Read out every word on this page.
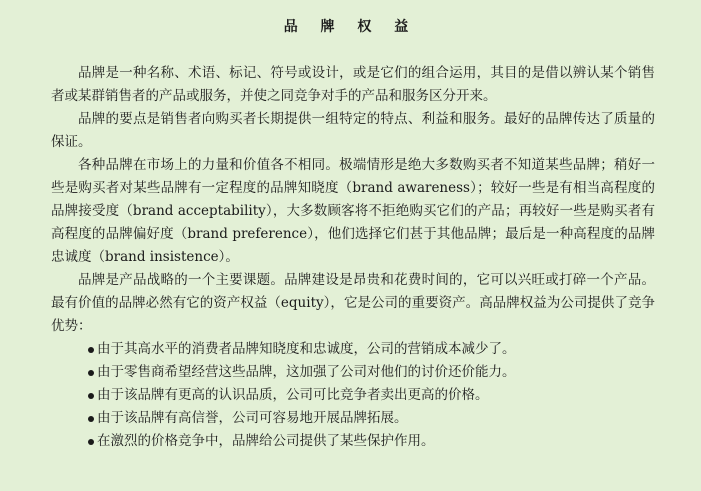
品 牌 权 益

品牌是一种名称、术语、标记、符号或设计，或是它们的组合运用，其目的是借以辨认某个销售者或某群销售者的产品或服务，并使之同竞争对手的产品和服务区分开来。

品牌的要点是销售者向购买者长期提供一组特定的特点、利益和服务。最好的品牌传达了质量的保证。

各种品牌在市场上的力量和价值各不相同。极端情形是绝大多数购买者不知道某些品牌；稍好一些是购买者对某些品牌有一定程度的品牌知晓度（brand awareness）；较好一些是有相当高程度的品牌接受度（brand acceptability），大多数顾客将不拒绝购买它们的产品；再较好一些是购买者有高程度的品牌偏好度（brand preference），他们选择它们甚于其他品牌；最后是一种高程度的品牌忠诚度（brand insistence）。

品牌是产品战略的一个主要课题。品牌建设是昂贵和花费时间的，它可以兴旺或打碎一个产品。最有价值的品牌必然有它的资产权益（equity），它是公司的重要资产。高品牌权益为公司提供了竞争优势：

由于其高水平的消费者品牌知晓度和忠诚度，公司的营销成本减少了。
由于零售商希望经营这些品牌，这加强了公司对他们的讨价还价能力。
由于该品牌有更高的认识品质，公司可比竞争者卖出更高的价格。
由于该品牌有高信誉，公司可容易地开展品牌拓展。
在激烈的价格竞争中，品牌给公司提供了某些保护作用。
